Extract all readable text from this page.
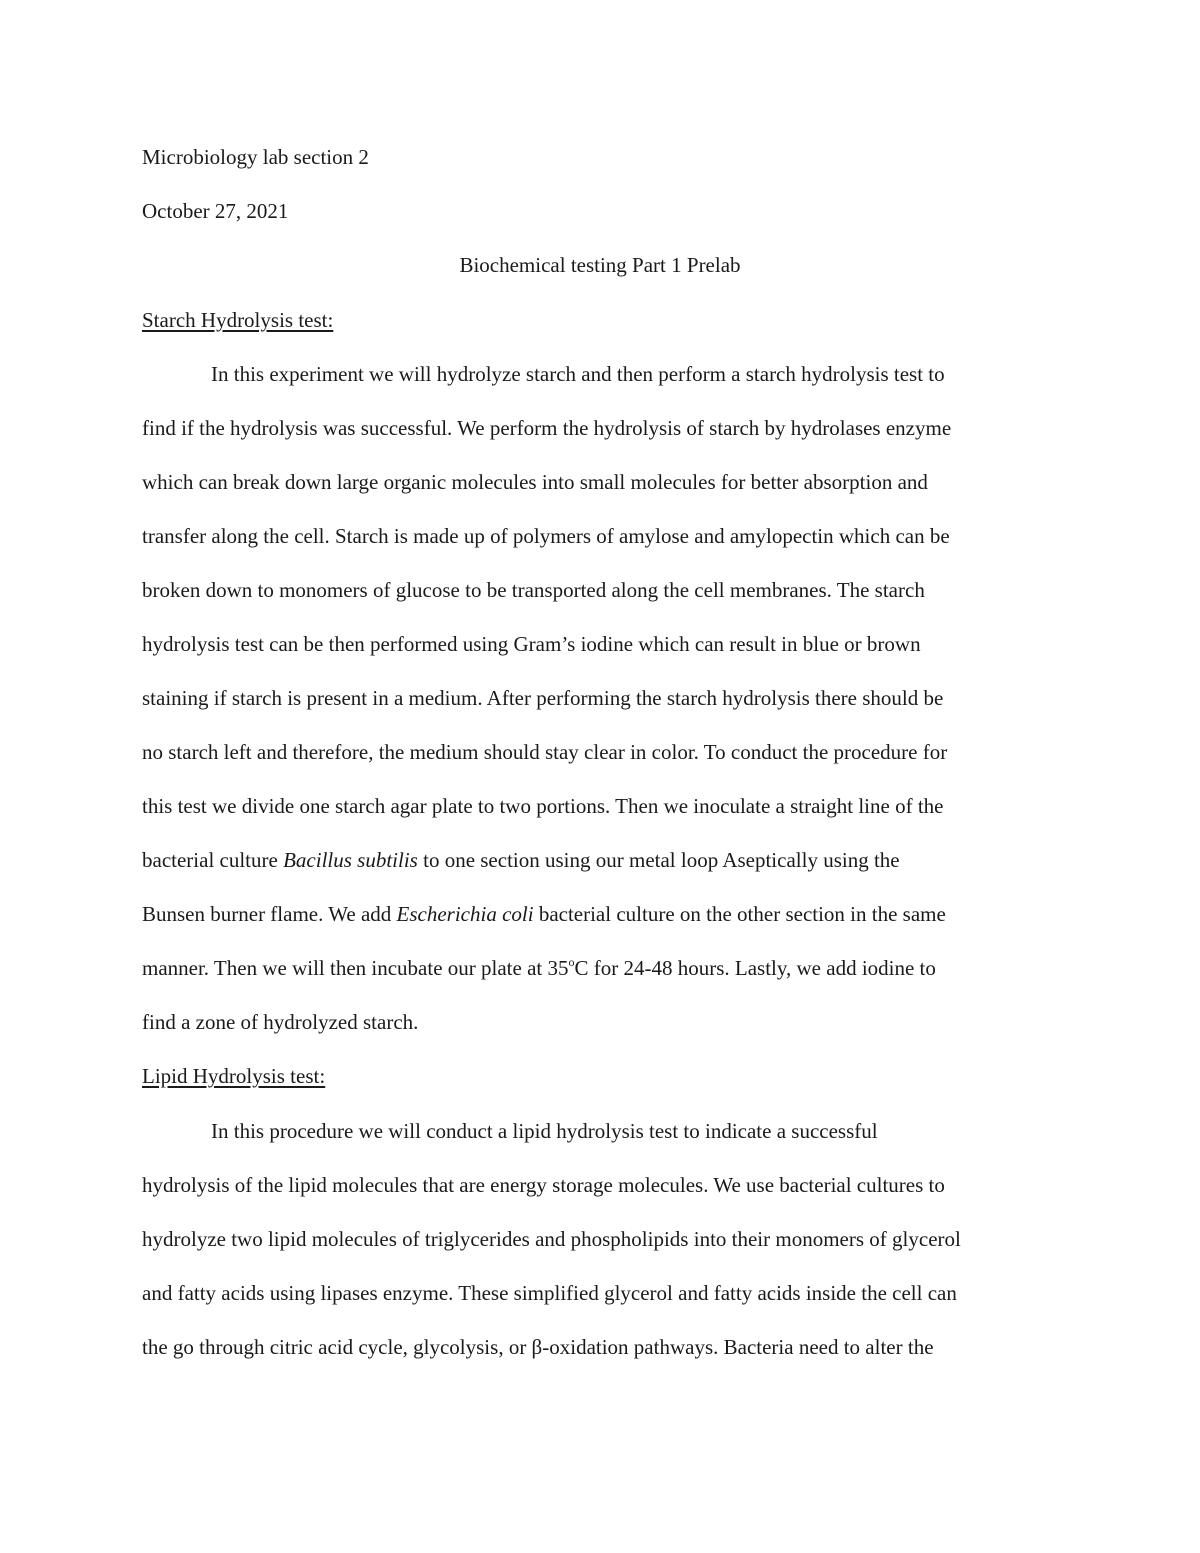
Microbiology lab section 2
October 27, 2021
Biochemical testing Part 1 Prelab
Starch Hydrolysis test:
In this experiment we will hydrolyze starch and then perform a starch hydrolysis test to
find if the hydrolysis was successful. We perform the hydrolysis of starch by hydrolases enzyme
which can break down large organic molecules into small molecules for better absorption and
transfer along the cell. Starch is made up of polymers of amylose and amylopectin which can be
broken down to monomers of glucose to be transported along the cell membranes. The starch
hydrolysis test can be then performed using Gram’s iodine which can result in blue or brown
staining if starch is present in a medium. After performing the starch hydrolysis there should be
no starch left and therefore, the medium should stay clear in color. To conduct the procedure for
this test we divide one starch agar plate to two portions. Then we inoculate a straight line of the
bacterial culture Bacillus subtilis to one section using our metal loop Aseptically using the
Bunsen burner flame. We add Escherichia coli bacterial culture on the other section in the same
manner. Then we will then incubate our plate at 35$^o$C for 24-48 hours. Lastly, we add iodine to
find a zone of hydrolyzed starch.
Lipid Hydrolysis test:
In this procedure we will conduct a lipid hydrolysis test to indicate a successful
hydrolysis of the lipid molecules that are energy storage molecules. We use bacterial cultures to
hydrolyze two lipid molecules of triglycerides and phospholipids into their monomers of glycerol
and fatty acids using lipases enzyme. These simplified glycerol and fatty acids inside the cell can
the go through citric acid cycle, glycolysis, or β-oxidation pathways. Bacteria need to alter the
